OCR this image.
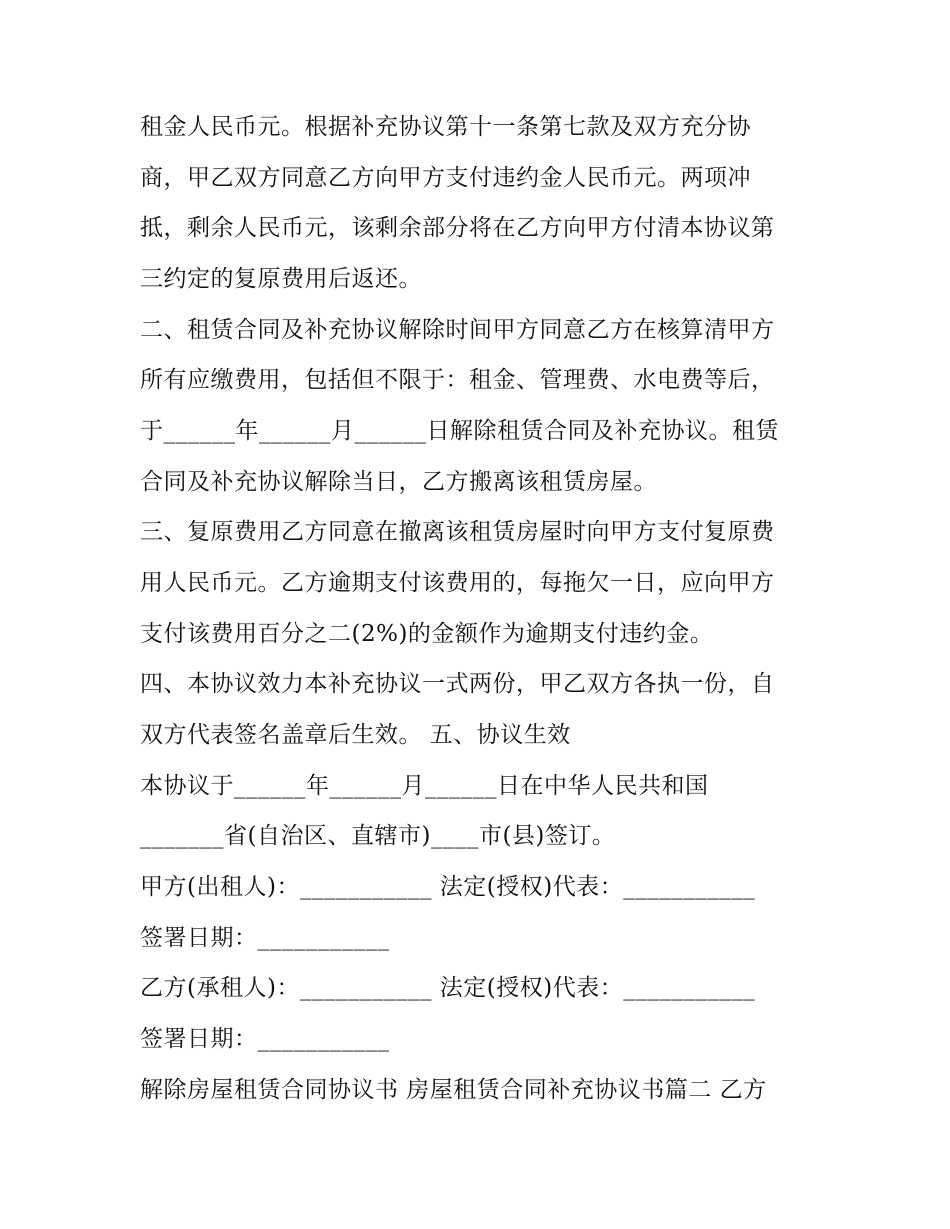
租金人民币元。根据补充协议第十一条第七款及双方充分协
商，甲乙双方同意乙方向甲方支付违约金人民币元。两项冲
抵，剩余人民币元，该剩余部分将在乙方向甲方付清本协议第
三约定的复原费用后返还。
二、租赁合同及补充协议解除时间甲方同意乙方在核算清甲方
所有应缴费用，包括但不限于：租金、管理费、水电费等后，
于______年______月______日解除租赁合同及补充协议。租赁
合同及补充协议解除当日，乙方搬离该租赁房屋。
三、复原费用乙方同意在撤离该租赁房屋时向甲方支付复原费
用人民币元。乙方逾期支付该费用的，每拖欠一日，应向甲方
支付该费用百分之二(2%)的金额作为逾期支付违约金。
四、本协议效力本补充协议一式两份，甲乙双方各执一份，自
双方代表签名盖章后生效。 五、协议生效
本协议于______年______月______日在中华人民共和国
_______省(自治区、直辖市)____市(县)签订。
甲方(出租人)：___________ 法定(授权)代表：___________
签署日期：___________
乙方(承租人)：___________ 法定(授权)代表：___________
签署日期：___________
解除房屋租赁合同协议书 房屋租赁合同补充协议书篇二 乙方
